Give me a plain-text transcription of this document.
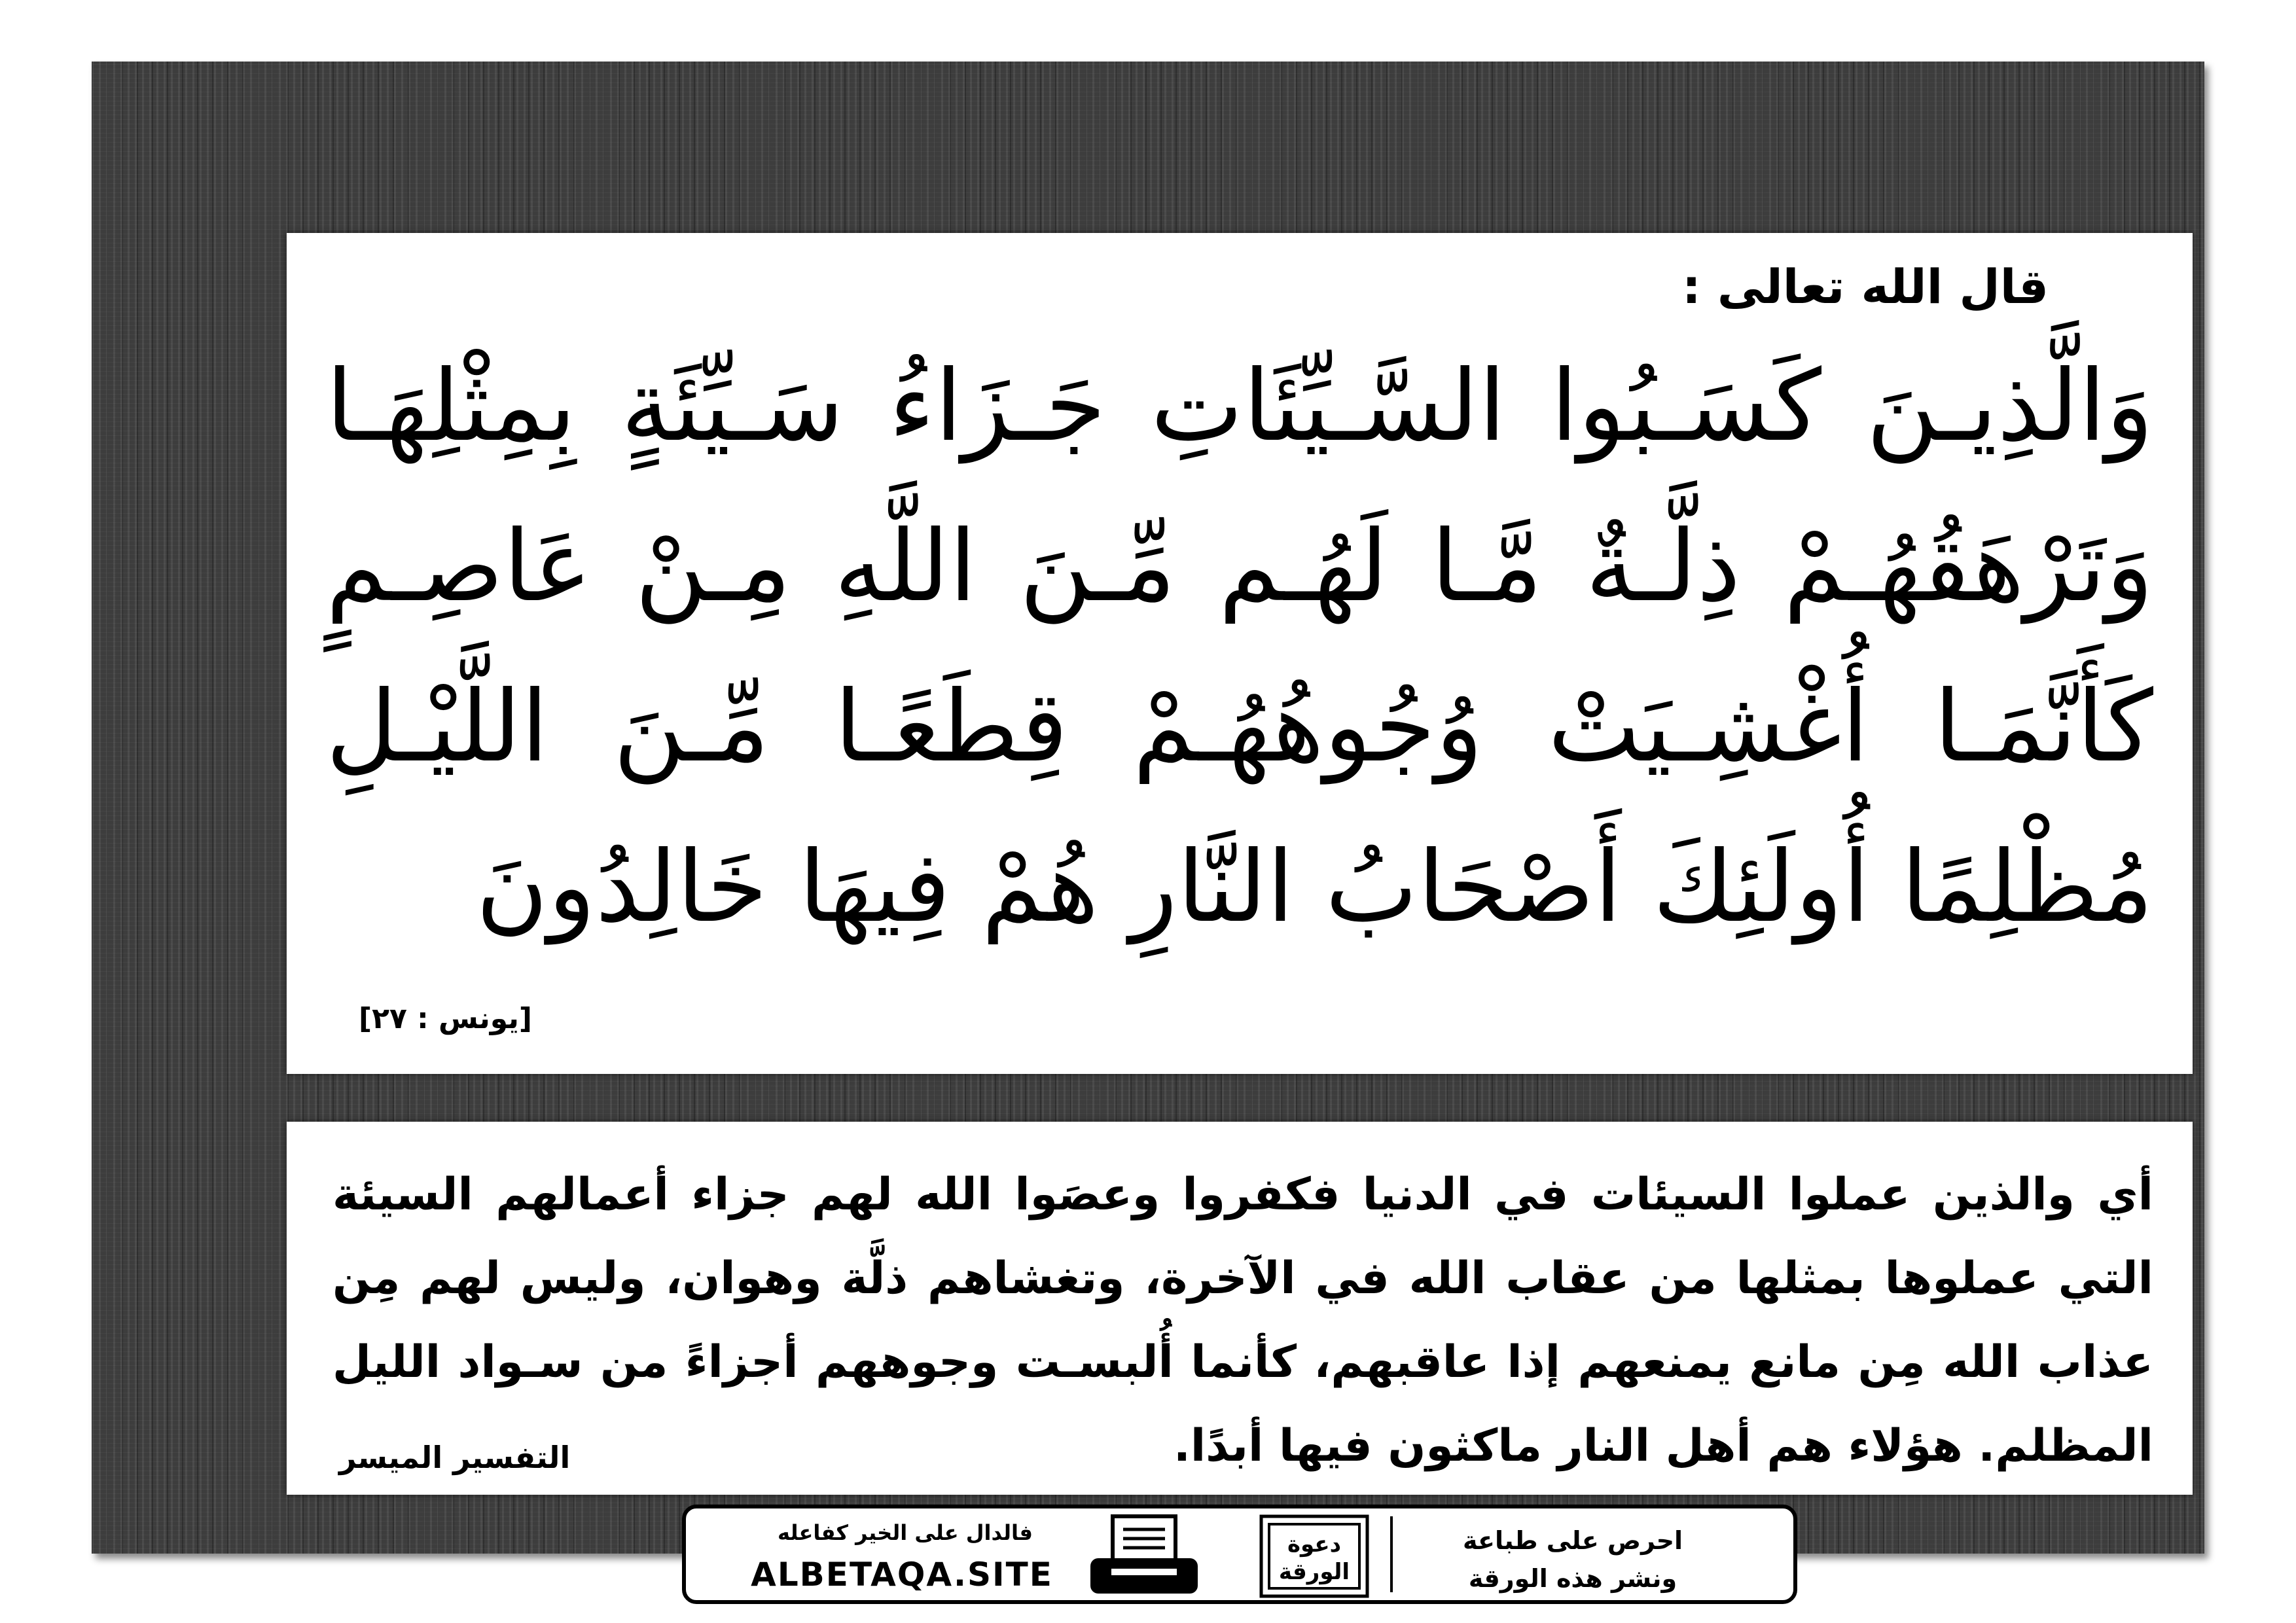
قال الله تعالى :
وَالَّذِيـنَ كَسَـبُوا السَّـيِّئَاتِ جَـزَاءُ سَـيِّئَةٍ بِمِثْلِهَـا
وَتَرْهَقُهُـمْ ذِلَّـةٌ مَّـا لَهُـم مِّـنَ اللَّهِ مِـنْ عَاصِـمٍ
كَأَنَّمَـا أُغْشِـيَتْ وُجُوهُهُـمْ قِطَعًـا مِّـنَ اللَّيْـلِ
مُظْلِمًا أُولَئِكَ أَصْحَابُ النَّارِ هُمْ فِيهَا خَالِدُونَ
[يونس : ٢٧]
أي والذين عملوا السيئات في الدنيا فكفروا وعصَوا الله لهم جزاء أعمالهم السيئة التي عملوها بمثلها من عقاب الله في الآخرة، وتغشاهم ذلَّة وهوان، وليس لهم مِن عذاب الله مِن مانع يمنعهم إذا عاقبهم، كأنما أُلبسـت وجوههم أجزاءً من سـواد الليل المظلم. هؤلاء هم أهل النار ماكثون فيها أبدًا.
التفسير الميسر
فالدال على الخير كفاعله
ALBETAQA.SITE
دعوة
الورقة
احرص على طباعة
ونشر هذه الورقة
